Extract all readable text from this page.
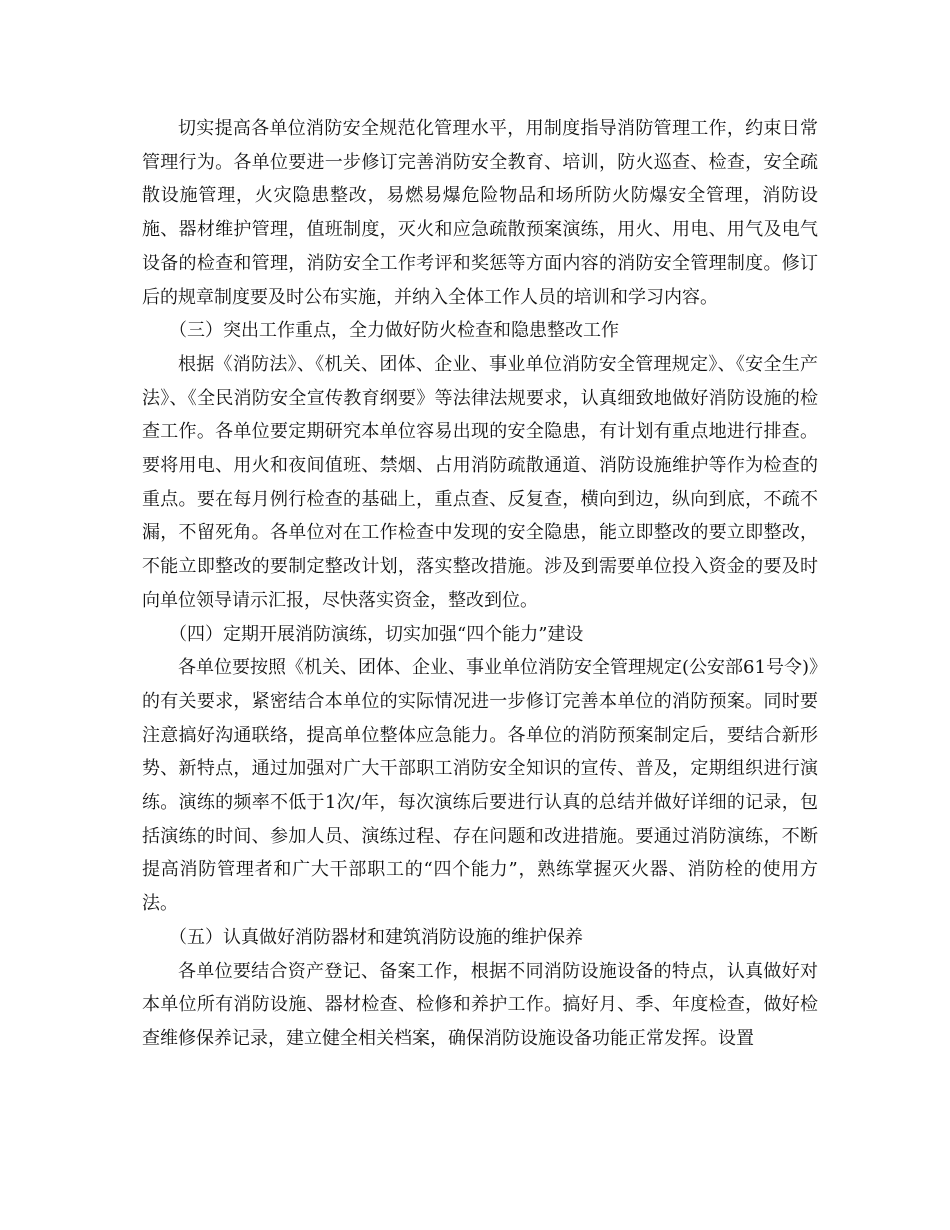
切实提高各单位消防安全规范化管理水平，用制度指导消防管理工作，约束日常管理行为。各单位要进一步修订完善消防安全教育、培训，防火巡查、检查，安全疏散设施管理，火灾隐患整改，易燃易爆危险物品和场所防火防爆安全管理，消防设施、器材维护管理，值班制度，灭火和应急疏散预案演练，用火、用电、用气及电气设备的检查和管理，消防安全工作考评和奖惩等方面内容的消防安全管理制度。修订后的规章制度要及时公布实施，并纳入全体工作人员的培训和学习内容。

（三）突出工作重点，全力做好防火检查和隐患整改工作

根据《消防法》、《机关、团体、企业、事业单位消防安全管理规定》、《安全生产法》、《全民消防安全宣传教育纲要》等法律法规要求，认真细致地做好消防设施的检查工作。各单位要定期研究本单位容易出现的安全隐患，有计划有重点地进行排查。要将用电、用火和夜间值班、禁烟、占用消防疏散通道、消防设施维护等作为检查的重点。要在每月例行检查的基础上，重点查、反复查，横向到边，纵向到底，不疏不漏，不留死角。各单位对在工作检查中发现的安全隐患，能立即整改的要立即整改，不能立即整改的要制定整改计划，落实整改措施。涉及到需要单位投入资金的要及时向单位领导请示汇报，尽快落实资金，整改到位。

（四）定期开展消防演练，切实加强“四个能力”建设

各单位要按照《机关、团体、企业、事业单位消防安全管理规定(公安部61号令)》的有关要求，紧密结合本单位的实际情况进一步修订完善本单位的消防预案。同时要注意搞好沟通联络，提高单位整体应急能力。各单位的消防预案制定后，要结合新形势、新特点，通过加强对广大干部职工消防安全知识的宣传、普及，定期组织进行演练。演练的频率不低于1次/年，每次演练后要进行认真的总结并做好详细的记录，包括演练的时间、参加人员、演练过程、存在问题和改进措施。要通过消防演练，不断提高消防管理者和广大干部职工的“四个能力”，熟练掌握灭火器、消防栓的使用方法。

（五）认真做好消防器材和建筑消防设施的维护保养

各单位要结合资产登记、备案工作，根据不同消防设施设备的特点，认真做好对本单位所有消防设施、器材检查、检修和养护工作。搞好月、季、年度检查，做好检查维修保养记录，建立健全相关档案，确保消防设施设备功能正常发挥。设置
